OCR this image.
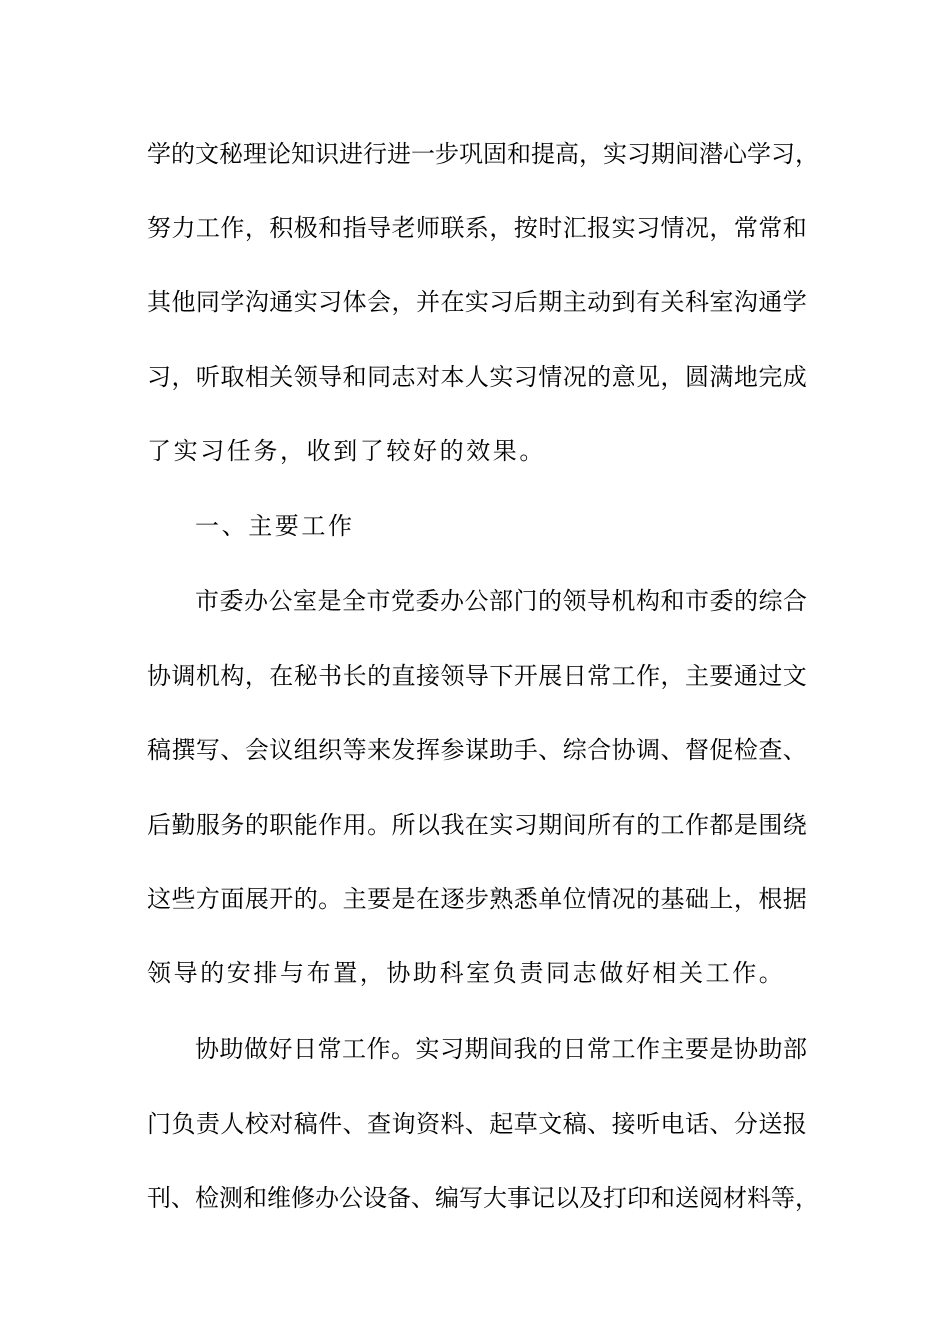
学 的 文 秘 理 论 知 识 进 行 进 一 步 巩 固 和 提 高 ， 实 习 期 间 潜 心 学 习 ，
努 力 工 作 ， 积 极 和 指 导 老 师 联 系 ， 按 时 汇 报 实 习 情 况 ， 常 常 和
其 他 同 学 沟 通 实 习 体 会 ， 并 在 实 习 后 期 主 动 到 有 关 科 室 沟 通 学
习 ， 听 取 相 关 领 导 和 同 志 对 本 人 实 习 情 况 的 意 见 ， 圆 满 地 完 成
了实习任务，收到了较好的效果。
一、主要工作
市 委 办 公 室 是 全 市 党 委 办 公 部 门 的 领 导 机 构 和 市 委 的 综 合
协 调 机 构 ， 在 秘 书 长 的 直 接 领 导 下 开 展 日 常 工 作 ， 主 要 通 过 文
稿 撰 写 、 会 议 组 织 等 来 发 挥 参 谋 助 手 、 综 合 协 调 、 督 促 检 查 、
后 勤 服 务 的 职 能 作 用 。 所 以 我 在 实 习 期 间 所 有 的 工 作 都 是 围 绕
这 些 方 面 展 开 的 。 主 要 是 在 逐 步 熟 悉 单 位 情 况 的 基 础 上 ， 根 据
领导的安排与布置，协助科室负责同志做好相关工作。
协 助 做 好 日 常 工 作 。 实 习 期 间 我 的 日 常 工 作 主 要 是 协 助 部
门 负 责 人 校 对 稿 件 、 查 询 资 料 、 起 草 文 稿 、 接 听 电 话 、 分 送 报
刊 、 检 测 和 维 修 办 公 设 备 、 编 写 大 事 记 以 及 打 印 和 送 阅 材 料 等 ，
